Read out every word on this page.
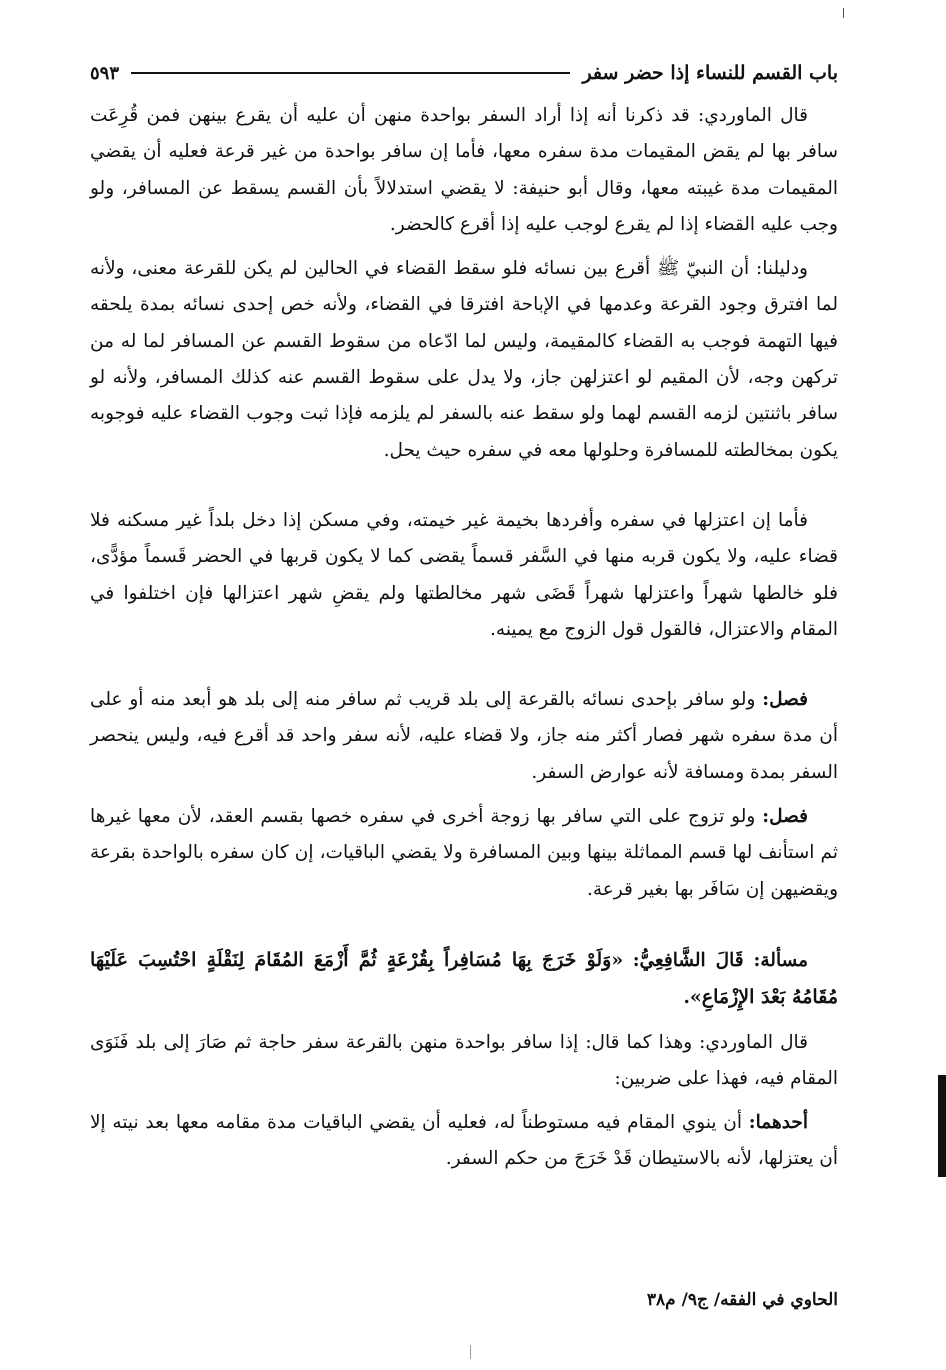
باب القسم للنساء إذا حضر سفر
٥٩٣

قال الماوردي: قد ذكرنا أنه إذا أراد السفر بواحدة منهن أن عليه أن يقرع بينهن فمن قُرِعَت سافر بها لم يقض المقيمات مدة سفره معها، فأما إن سافر بواحدة من غير قرعة فعليه أن يقضي المقيمات مدة غيبته معها، وقال أبو حنيفة: لا يقضي استدلالاً بأن القسم يسقط عن المسافر، ولو وجب عليه القضاء إذا لم يقرع لوجب عليه إذا أقرع كالحضر.

ودليلنا: أن النبيّ ﷺ أقرع بين نسائه فلو سقط القضاء في الحالين لم يكن للقرعة معنى، ولأنه لما افترق وجود القرعة وعدمها في الإباحة افترقا في القضاء، ولأنه خص إحدى نسائه بمدة يلحقه فيها التهمة فوجب به القضاء كالمقيمة، وليس لما ادّعاه من سقوط القسم عن المسافر لما له من تركهن وجه، لأن المقيم لو اعتزلهن جاز، ولا يدل على سقوط القسم عنه كذلك المسافر، ولأنه لو سافر باثنتين لزمه القسم لهما ولو سقط عنه بالسفر لم يلزمه فإذا ثبت وجوب القضاء عليه فوجوبه يكون بمخالطته للمسافرة وحلولها معه في سفره حيث يحل.

فأما إن اعتزلها في سفره وأفردها بخيمة غير خيمته، وفي مسكن إذا دخل بلداً غير مسكنه فلا قضاء عليه، ولا يكون قربه منها في السَّفر قسماً يقضى كما لا يكون قربها في الحضر قَسماً مؤدًّى، فلو خالطها شهراً واعتزلها شهراً قَضَى شهر مخالطتها ولم يقضِ شهر اعتزالها فإن اختلفوا في المقام والاعتزال، فالقول قول الزوج مع يمينه.

فصل: ولو سافر بإحدى نسائه بالقرعة إلى بلد قريب ثم سافر منه إلى بلد هو أبعد منه أو على أن مدة سفره شهر فصار أكثر منه جاز، ولا قضاء عليه، لأنه سفر واحد قد أقرع فيه، وليس ينحصر السفر بمدة ومسافة لأنه عوارض السفر.

فصل: ولو تزوج على التي سافر بها زوجة أخرى في سفره خصها بقسم العقد، لأن معها غيرها ثم استأنف لها قسم المماثلة بينها وبين المسافرة ولا يقضي الباقيات، إن كان سفره بالواحدة بقرعة ويقضيهن إن سَافَر بها بغير قرعة.

مسألة: قَالَ الشَّافِعِيُّ: «وَلَوْ خَرَجَ بِهَا مُسَافِراً بِقُرْعَةٍ ثُمَّ أَزْمَعَ المُقَامَ لِنَقْلَةٍ احْتُسِبَ عَلَيْهَا مُقَامُهُ بَعْدَ الإِزْمَاعِ».

قال الماوردي: وهذا كما قال: إذا سافر بواحدة منهن بالقرعة سفر حاجة ثم صَارَ إلى بلد فَنَوَى المقام فيه، فهذا على ضربين:

أحدهما: أن ينوي المقام فيه مستوطناً له، فعليه أن يقضي الباقيات مدة مقامه معها بعد نيته إلا أن يعتزلها، لأنه بالاستيطان قَدْ خَرَجَ من حكم السفر.

الحاوي في الفقه/ ج٩/ م٣٨
